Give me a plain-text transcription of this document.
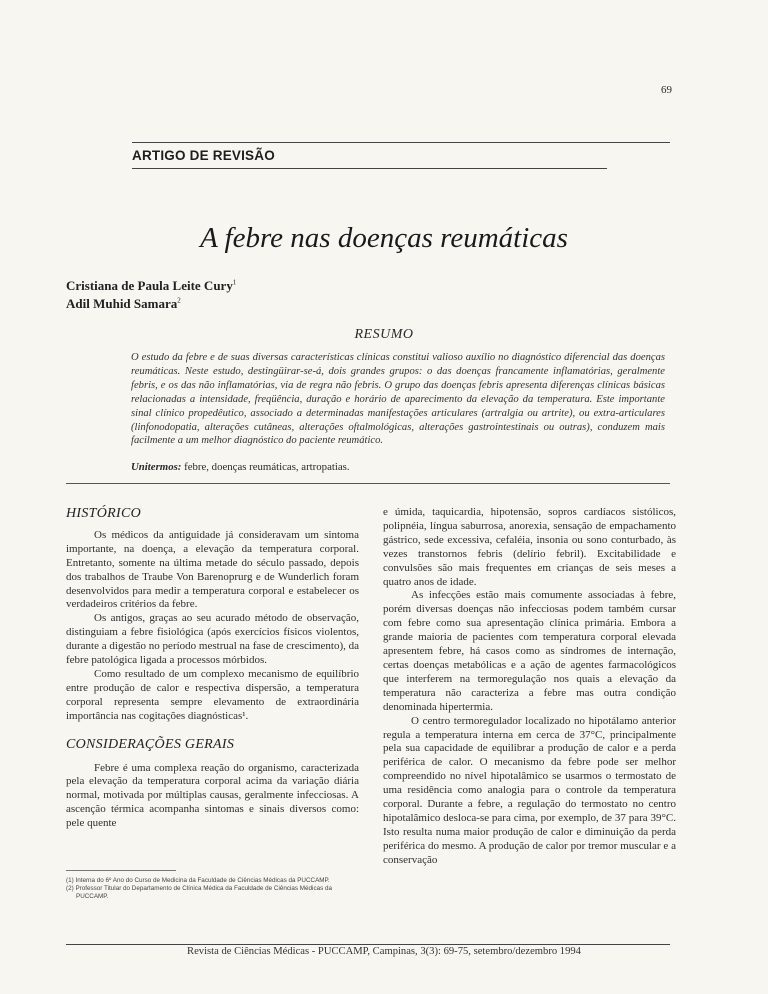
69
ARTIGO DE REVISÃO
A febre nas doenças reumáticas
Cristiana de Paula Leite Cury$^1$
Adil Muhid Samara$^2$
RESUMO
O estudo da febre e de suas diversas características clínicas constitui valioso auxílio no diagnóstico diferencial das doenças reumáticas. Neste estudo, destingüirar-se-á, dois grandes grupos: o das doenças francamente inflamatórias, geralmente febris, e os das não inflamatórias, via de regra não febris. O grupo das doenças febris apresenta diferenças clínicas básicas relacionadas a intensidade, freqüência, duração e horário de aparecimento da elevação da temperatura. Este importante sinal clínico propedêutico, associado a determinadas manifestações articulares (artralgia ou artrite), ou extra-articulares (linfonodopatia, alterações cutâneas, alterações oftalmológicas, alterações gastrointestinais ou outras), conduzem mais facilmente a um melhor diagnóstico do paciente reumático.
Unitermos: febre, doenças reumáticas, artropatias.
HISTÓRICO

Os médicos da antiguidade já consideravam um sintoma importante, na doença, a elevação da temperatura corporal. Entretanto, somente na última metade do século passado, depois dos trabalhos de Traube Von Barenoprurg e de Wunderlich foram desenvolvidos para medir a temperatura corporal e estabelecer os verdadeiros critérios da febre.

Os antigos, graças ao seu acurado método de observação, distinguiam a febre fisiológica (após exercícios físicos violentos, durante a digestão no período mestrual na fase de crescimento), da febre patológica ligada a processos mórbidos.

Como resultado de um complexo mecanismo de equilíbrio entre produção de calor e respectiva dispersão, a temperatura corporal representa sempre elevamento de extraordinária importância nas cogitações diagnósticas¹.

CONSIDERAÇÕES GERAIS

Febre é uma complexa reação do organismo, caracterizada pela elevação da temperatura corporal acima da variação diária normal, motivada por múltiplas causas, geralmente infecciosas. A ascenção térmica acompanha sintomas e sinais diversos como: pele quente

(1) Interna do 6º Ano do Curso de Medicina da Faculdade de Ciências Médicas da PUCCAMP.
(2) Professor Titular do Departamento de Clínica Médica da Faculdade de Ciências Médicas da PUCCAMP.

e úmida, taquicardia, hipotensão, sopros cardíacos sistólicos, polipnéia, língua saburrosa, anorexia, sensação de empachamento gástrico, sede excessiva, cefaléia, insonia ou sono conturbado, às vezes transtornos febris (delírio febril). Excitabilidade e convulsões são mais frequentes em crianças de seis meses a quatro anos de idade.

As infecções estão mais comumente associadas à febre, porém diversas doenças não infecciosas podem também cursar com febre como sua apresentação clínica primária. Embora a grande maioria de pacientes com temperatura corporal elevada apresentem febre, há casos como as síndromes de internação, certas doenças metabólicas e a ação de agentes farmacológicos que interferem na termoregulação nos quais a elevação da temperatura não caracteriza a febre mas outra condição denominada hipertermia.

O centro termoregulador localizado no hipotálamo anterior regula a temperatura interna em cerca de 37°C, principalmente pela sua capacidade de equilibrar a produção de calor e a perda periférica de calor. O mecanismo da febre pode ser melhor compreendido no nível hipotalâmico se usarmos o termostato de uma residência como analogia para o controle da temperatura corporal. Durante a febre, a regulação do termostato no centro hipotalâmico desloca-se para cima, por exemplo, de 37 para 39°C. Isto resulta numa maior produção de calor e diminuição da perda periférica do mesmo. A produção de calor por tremor muscular e a conservação

Revista de Ciências Médicas - PUCCAMP, Campinas, 3(3): 69-75, setembro/dezembro 1994
